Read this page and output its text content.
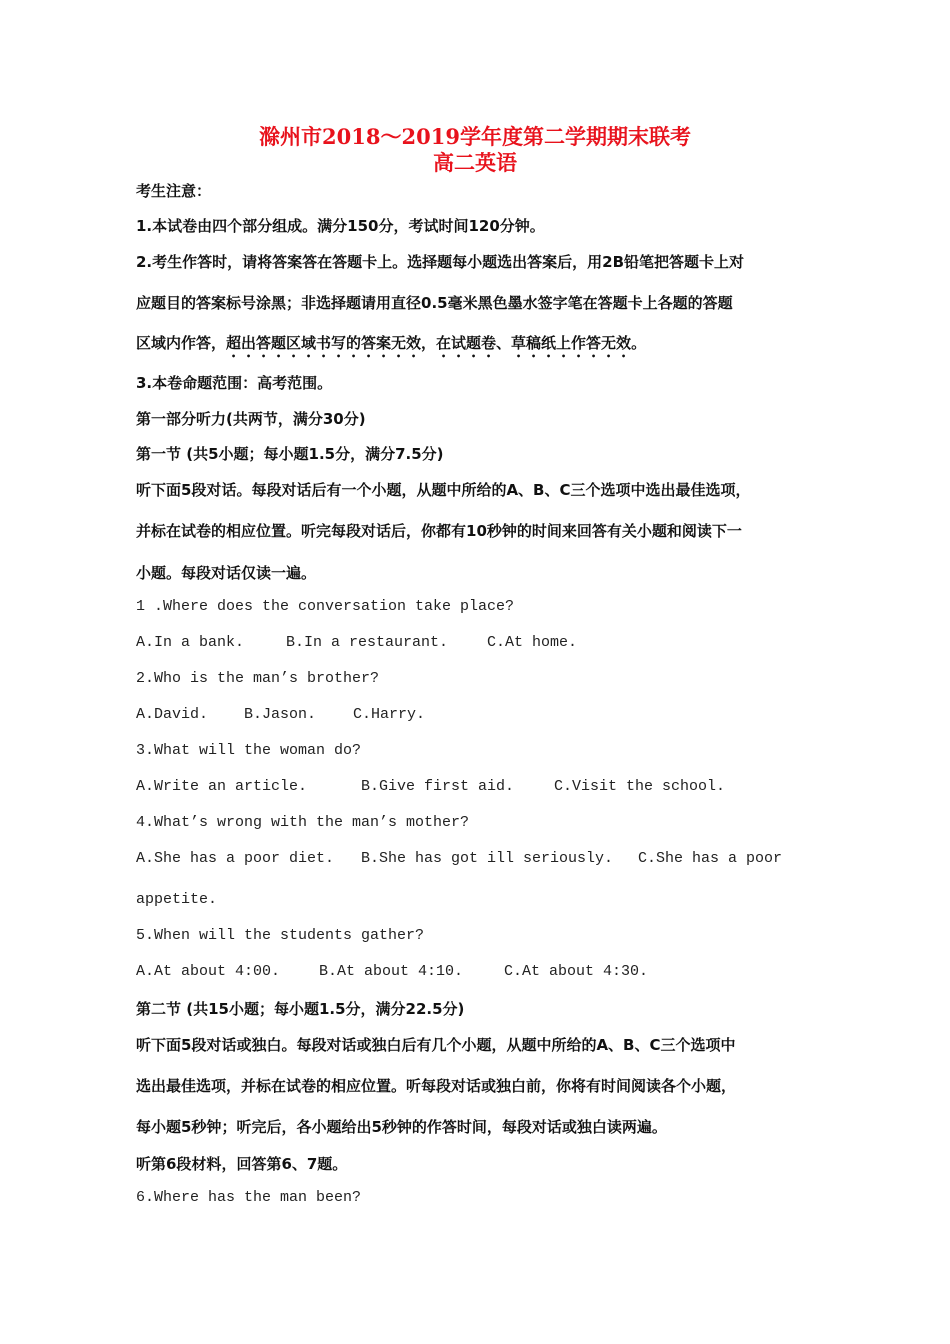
滁州市2018～2019学年度第二学期期末联考
高二英语
考生注意：
1.本试卷由四个部分组成。满分150分，考试时间120分钟。
2.考生作答时，请将答案答在答题卡上。选择题每小题选出答案后，用2B铅笔把答题卡上对
应题目的答案标号涂黑；非选择题请用直径0.5毫米黑色墨水签字笔在答题卡上各题的答题
区域内作答，超出答题区域书写的答案无效，在试题卷、草稿纸上作答无效。
3.本卷命题范围：高考范围。
第一部分听力(共两节，满分30分)
第一节 (共5小题；每小题1.5分，满分7.5分)
听下面5段对话。每段对话后有一个小题，从题中所给的A、B、C三个选项中选出最佳选项，
并标在试卷的相应位置。听完每段对话后，你都有10秒钟的时间来回答有关小题和阅读下一
小题。每段对话仅读一遍。
1 .Where does the conversation take place?
A.In a bank.	B.In a restaurant.	C.At home.
2.Who is the man’s brother?
A.David. B.Jason. C.Harry.
3.What will the woman do?
A.Write an article.	B.Give first aid.	C.Visit the school.
4.What’s wrong with the man’s mother?
A.She has a poor diet. B.She has got ill seriously. C.She has a poor
appetite.
5.When will the students gather?
A.At about 4:00.	B.At about 4:10.	C.At about 4:30.
第二节 (共15小题；每小题1.5分，满分22.5分)
听下面5段对话或独白。每段对话或独白后有几个小题，从题中所给的A、B、C三个选项中
选出最佳选项，并标在试卷的相应位置。听每段对话或独白前，你将有时间阅读各个小题，
每小题5秒钟；听完后，各小题给出5秒钟的作答时间，每段对话或独白读两遍。
听第6段材料，回答第6、7题。
6.Where has the man been?
